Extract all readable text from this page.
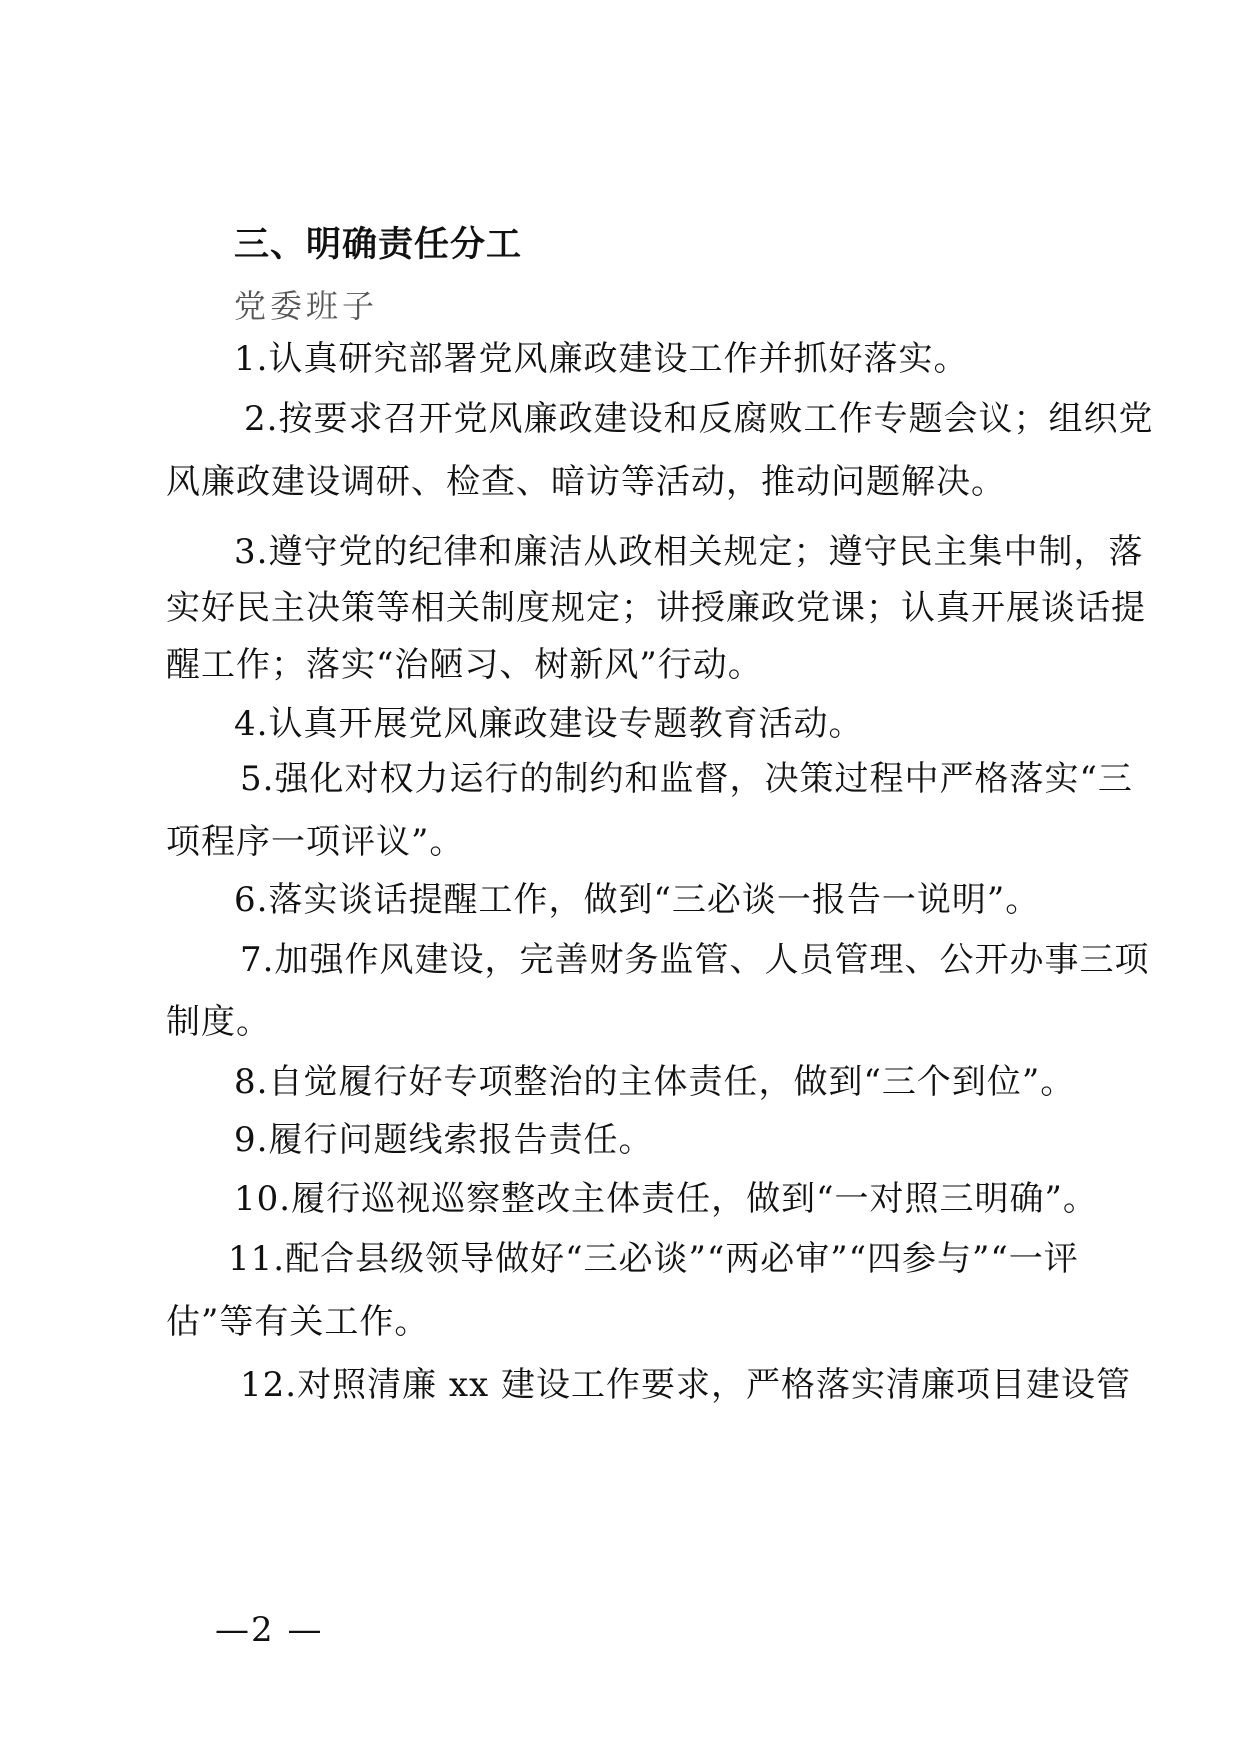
三、明确责任分工
党委班子
1.认真研究部署党风廉政建设工作并抓好落实。
2.按要求召开党风廉政建设和反腐败工作专题会议；组织党
风廉政建设调研、检查、暗访等活动，推动问题解决。
3.遵守党的纪律和廉洁从政相关规定；遵守民主集中制，落
实好民主决策等相关制度规定；讲授廉政党课；认真开展谈话提
醒工作；落实“治陋习、树新风”行动。
4.认真开展党风廉政建设专题教育活动。
5.强化对权力运行的制约和监督，决策过程中严格落实“三
项程序一项评议”。
6.落实谈话提醒工作，做到“三必谈一报告一说明”。
7.加强作风建设，完善财务监管、人员管理、公开办事三项
制度。
8.自觉履行好专项整治的主体责任，做到“三个到位”。
9.履行问题线索报告责任。
10.履行巡视巡察整改主体责任，做到“一对照三明确”。
11.配合县级领导做好“三必谈”“两必审”“四参与”“一评
估”等有关工作。
12.对照清廉 xx 建设工作要求，严格落实清廉项目建设管
—2 —
